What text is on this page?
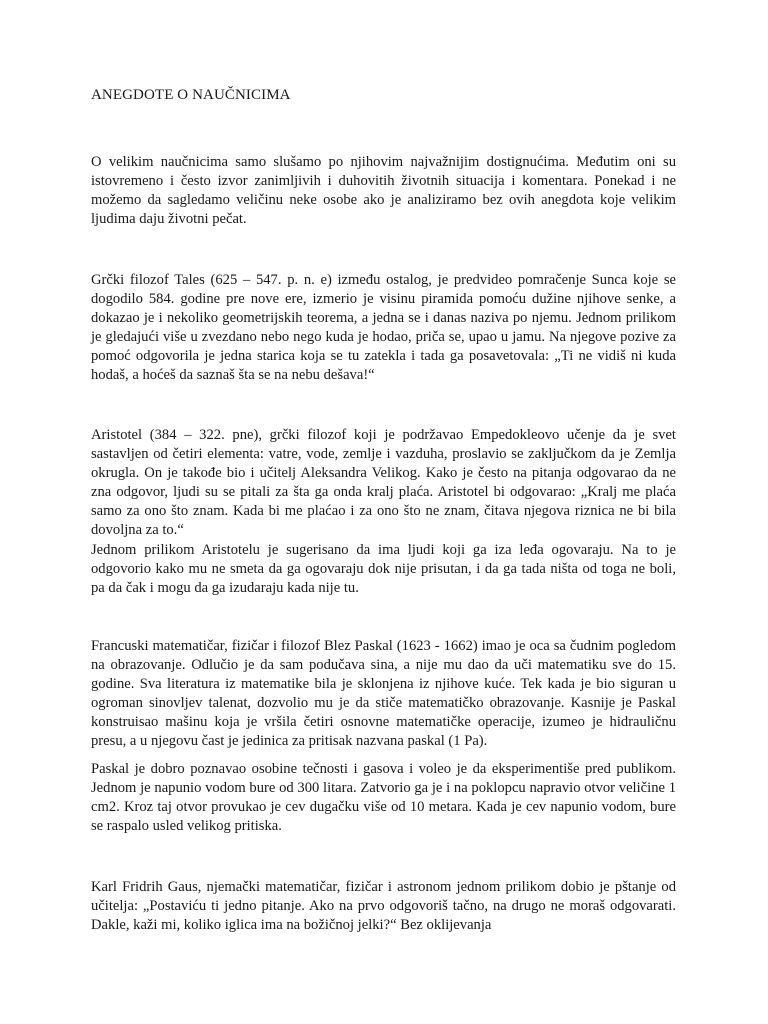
ANEGDOTE O NAUČNICIMA

O velikim naučnicima samo slušamo po njihovim najvažnijim dostignućima. Međutim oni su istovremeno i često izvor zanimljivih i duhovitih životnih situacija i komentara. Ponekad i ne možemo da sagledamo veličinu neke osobe ako je analiziramo bez ovih anegdota koje velikim ljudima daju životni pečat.

Grčki filozof Tales (625 – 547. p. n. e) između ostalog, je predvideo pomračenje Sunca koje se dogodilo 584. godine pre nove ere, izmerio je visinu piramida pomoću dužine njihove senke, a dokazao je i nekoliko geometrijskih teorema, a jedna se i danas naziva po njemu. Jednom prilikom je gledajući više u zvezdano nebo nego kuda je hodao, priča se, upao u jamu. Na njegove pozive za pomoć odgovorila je jedna starica koja se tu zatekla i tada ga posavetovala: „Ti ne vidiš ni kuda hodaš, a hoćeš da saznaš šta se na nebu dešava!“

Aristotel (384 – 322. pne), grčki filozof koji je podržavao Empedokleovo učenje da je svet sastavljen od četiri elementa: vatre, vode, zemlje i vazduha, proslavio se zaključkom da je Zemlja okrugla. On je takođe bio i učitelj Aleksandra Velikog. Kako je često na pitanja odgovarao da ne zna odgovor, ljudi su se pitali za šta ga onda kralj plaća. Aristotel bi odgovarao: „Kralj me plaća samo za ono što znam. Kada bi me plaćao i za ono što ne znam, čitava njegova riznica ne bi bila dovoljna za to.“

Jednom prilikom Aristotelu je sugerisano da ima ljudi koji ga iza leđa ogovaraju. Na to je odgovorio kako mu ne smeta da ga ogovaraju dok nije prisutan, i da ga tada ništa od toga ne boli, pa da čak i mogu da ga izudaraju kada nije tu.

Francuski matematičar, fizičar i filozof Blez Paskal (1623 - 1662) imao je oca sa čudnim pogledom na obrazovanje. Odlučio je da sam podučava sina, a nije mu dao da uči matematiku sve do 15. godine. Sva literatura iz matematike bila je sklonjena iz njihove kuće. Tek kada je bio siguran u ogroman sinovljev talenat, dozvolio mu je da stiče matematičko obrazovanje. Kasnije je Paskal konstruisao mašinu koja je vršila četiri osnovne matematičke operacije, izumeo je hidrauličnu presu, a u njegovu čast je jedinica za pritisak nazvana paskal (1 Pa).

Paskal je dobro poznavao osobine tečnosti i gasova i voleo je da eksperimentiše pred publikom. Jednom je napunio vodom bure od 300 litara. Zatvorio ga je i na poklopcu napravio otvor veličine 1 cm2. Kroz taj otvor provukao je cev dugačku više od 10 metara. Kada je cev napunio vodom, bure se raspalo usled velikog pritiska.

Karl Fridrih Gaus, njemački matematičar, fizičar i astronom jednom prilikom dobio je pštanje od učitelja: „Postaviću ti jedno pitanje. Ako na prvo odgovoriš tačno, na drugo ne moraš odgovarati. Dakle, kaži mi, koliko iglica ima na božičnoj jelki?“ Bez oklijevanja
